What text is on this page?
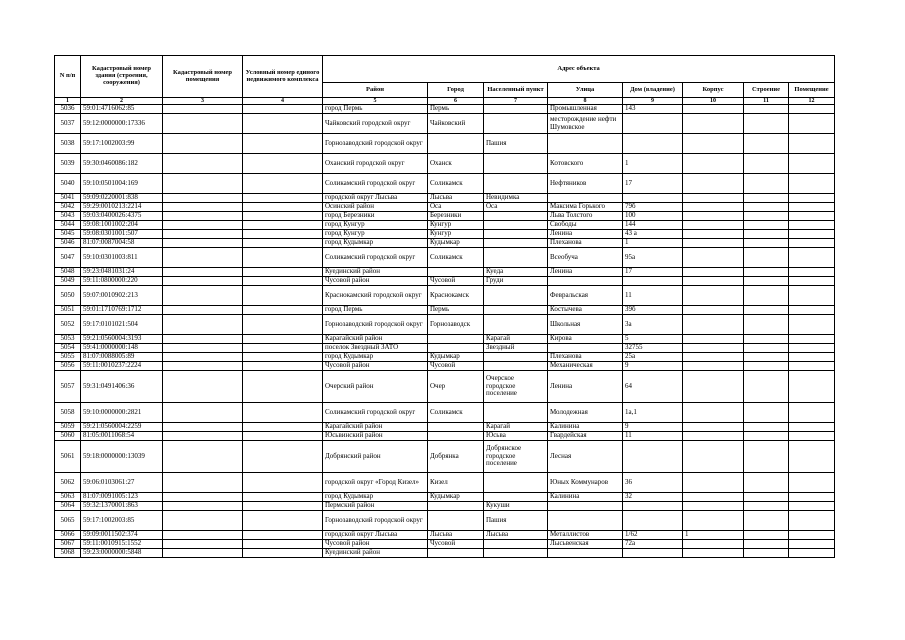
N п/п	Кадастровый номер здания (строения, сооружения)	Кадастровый номер помещения	Условный номер единого недвижимого комплекса	Адрес объекта							
				Район	Город	Населенный пункт	Улица	Дом (владение)	Корпус	Строение	Помещение
1	2	3	4	5	6	7	8	9	10	11	12
5036	59:01:4716062:85			город Пермь	Пермь		Промышленная	143			
5037	59:12:0000000:17336			Чайковский городской округ	Чайковский		месторождение нефти Шумовское				
5038	59:17:1002003:99			Горнозаводский городской округ		Пашия					
5039	59:30:0460086:182			Оханский городской округ	Оханск		Котовского	1			
5040	59:10:0501004:169			Соликамский городской округ	Соликамск		Нефтяников	17			
5041	59:09:0220001:838			городской округ Лысьва	Лысьва	Невидимка					
5042	59:29:0010213:2214			Осинский район	Оса	Оса	Максима Горького	79б			
5043	59:03:0400026:4375			город Березники	Березники		Льва Толстого	100			
5044	59:08:1001002:204			город Кунгур	Кунгур		Свободы	144			
5045	59:08:0301001:507			город Кунгур	Кунгур		Ленина	43 а			
5046	81:07:0087004:58			город Кудымкар	Кудымкар		Плеханова	1			
5047	59:10:0301003:811			Соликамский городской округ	Соликамск		Всеобуча	95а			
5048	59:23:0481031:24			Куединский район		Куеда	Ленина	17			
5049	59:11:0800000:220			Чусовой район	Чусовой	Груди					
5050	59:07:0010902:213			Краснокамский городской округ	Краснокамск		Февральская	11			
5051	59:01:1710769:1712			город Пермь	Пермь		Костычева	39б			
5052	59:17:0101021:504			Горнозаводский городской округ	Горнозаводск		Школьная	3а			
5053	59:21:0560004:3193			Карагайский район		Карагай	Кирова	5			
5054	59:41:0000000:148			поселок Звездный ЗАТО		Звездный		32755			
5055	81:07:0088005:89			город Кудымкар	Кудымкар		Плеханова	25а			
5056	59:11:0010237:2224			Чусовой район	Чусовой		Механическая	9			
5057	59:31:0491406:36			Очерский район	Очер	Очерское городское поселение	Ленина	64			
5058	59:10:0000000:2821			Соликамский городской округ	Соликамск		Молодежная	1а,1			
5059	59:21:0560004:2259			Карагайский район		Карагай	Калинина	9			
5060	81:05:0011068:54			Юсьвинский район		Юсьва	Гвардейская	11			
5061	59:18:0000000:13039			Добрянский район	Добрянка	Добрянское городское поселение	Лесная				
5062	59:06:0103061:27			городской округ «Город Кизел»	Кизел		Юных Коммунаров	36			
5063	81:07:0091005:123			город Кудымкар	Кудымкар		Калинина	32			
5064	59:32:1370001:863			Пермский район		Кукуши					
5065	59:17:1002003:85			Горнозаводский городской округ		Пашия					
5066	59:09:0011502:374			городской округ Лысьва	Лысьва	Лысьва	Металлистов	1/62	1		
5067	59:11:0010915:1552			Чусовой район	Чусовой		Лысьвенская	72а			
5068	59:23:0000000:5848			Куединский район							
